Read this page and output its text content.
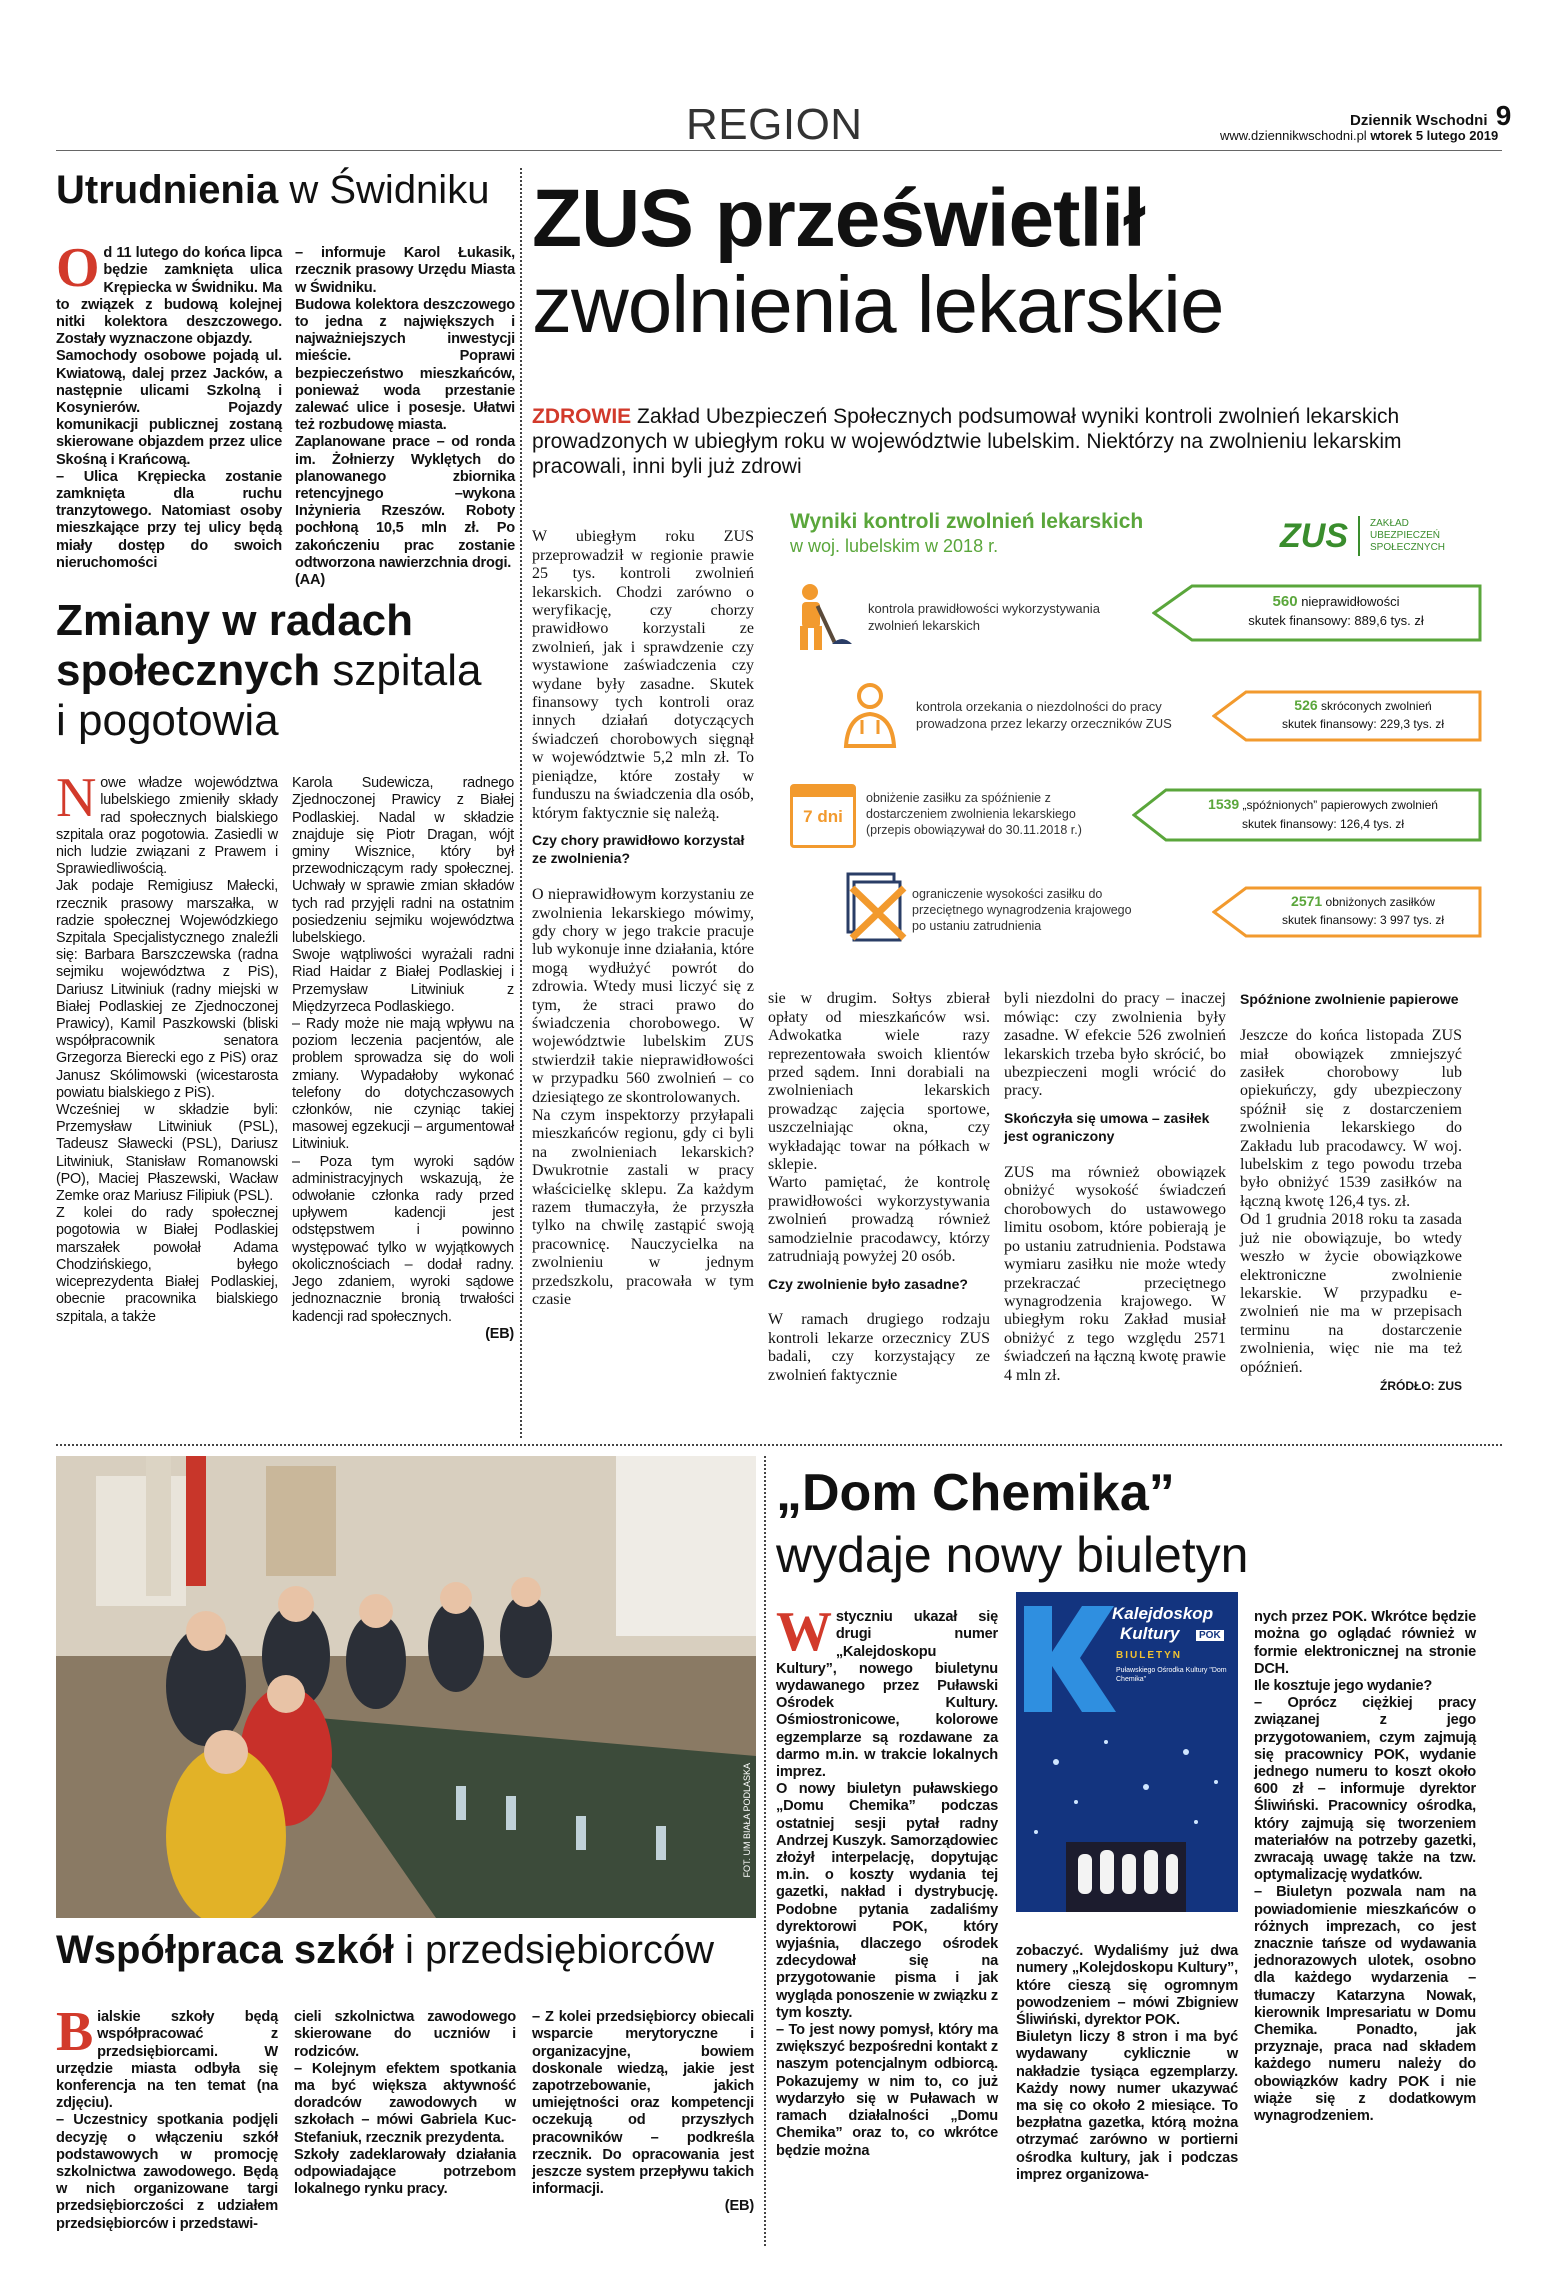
REGION	Dziennik Wschodni 9
www.dziennikwschodni.pl wtorek 5 lutego 2019
Utrudnienia w Świdniku

Od 11 lutego do końca lipca będzie zamknięta ulica Krępiecka w Świdniku. Ma to związek z budową kolejnej nitki kolektora deszczowego. Zostały wyznaczone objazdy.
Samochody osobowe pojadą ul. Kwiatową, dalej przez Jacków, a następnie ulicami Szkolną i Kosynierów. Pojazdy komunikacji publicznej zostaną skierowane objazdem przez ulice Skośną i Krańcową.
– Ulica Krępiecka zostanie zamknięta dla ruchu tranzytowego. Natomiast osoby mieszkające przy tej ulicy będą miały dostęp do swoich nieruchomości

– informuje Karol Łukasik, rzecznik prasowy Urzędu Miasta w Świdniku.
Budowa kolektora deszczowego to jedna z największych i najważniejszych inwestycji mieście. Poprawi bezpieczeństwo mieszkańców, ponieważ woda przestanie zalewać ulice i posesje. Ułatwi też rozbudowę miasta.
Zaplanowane prace – od ronda im. Żołnierzy Wyklętych do planowanego zbiornika retencyjnego –wykona Inżynieria Rzeszów. Roboty pochłoną 10,5 mln zł. Po zakończeniu prac zostanie odtworzona nawierzchnia drogi.
(AA)

Zmiany w radach
społecznych szpitala
i pogotowia

Nowe władze województwa lubelskiego zmieniły składy rad społecznych bialskiego szpitala oraz pogotowia. Zasiedli w nich ludzie związani z Prawem i Sprawiedliwością.
Jak podaje Remigiusz Małecki, rzecznik prasowy marszałka, w radzie społecznej Wojewódzkiego Szpitala Specjalistycznego znaleźli się: Barbara Barszczewska (radna sejmiku województwa z PiS), Dariusz Litwiniuk (radny miejski w Białej Podlaskiej ze Zjednoczonej Prawicy), Kamil Paszkowski (bliski współpracownik senatora Grzegorza Bierecki ego z PiS) oraz Janusz Skólimowski (wicestarosta powiatu bialskiego z PiS).
Wcześniej w składzie byli: Przemysław Litwiniuk (PSL), Tadeusz Sławecki (PSL), Dariusz Litwiniuk, Stanisław Romanowski (PO), Maciej Płaszewski, Wacław Zemke oraz Mariusz Filipiuk (PSL).
Z kolei do rady społecznej pogotowia w Białej Podlaskiej marszałek powołał Adama Chodzińskiego, byłego wiceprezydenta Białej Podlaskiej, obecnie pracownika bialskiego szpitala, a także

Karola Sudewicza, radnego Zjednoczonej Prawicy z Białej Podlaskiej. Nadal w składzie znajduje się Piotr Dragan, wójt gminy Wisznice, który był przewodniczącym rady społecznej. Uchwały w sprawie zmian składów tych rad przyjęli radni na ostatnim posiedzeniu sejmiku województwa lubelskiego.
Swoje wątpliwości wyrażali radni Riad Haidar z Białej Podlaskiej i Przemysław Litwiniuk z Międzyrzeca Podlaskiego.
– Rady może nie mają wpływu na poziom leczenia pacjentów, ale problem sprowadza się do woli zmiany. Wypadałoby wykonać telefony do dotychczasowych członków, nie czyniąc takiej masowej egzekucji – argumentował Litwiniuk.
– Poza tym wyroki sądów administracyjnych wskazują, że odwołanie członka rady przed upływem kadencji jest odstępstwem i powinno występować tylko w wyjątkowych okolicznościach – dodał radny. Jego zdaniem, wyroki sądowe jednoznacznie bronią trwałości kadencji rad społecznych.

(EB)

ZUS prześwietlił
zwolnienia lekarskie
ZDROWIE Zakład Ubezpieczeń Społecznych podsumował wyniki kontroli zwolnień lekarskich prowadzonych w ubiegłym roku w województwie lubelskim. Niektórzy na zwolnieniu lekarskim pracowali, inni byli już zdrowi

W ubiegłym roku ZUS przeprowadził w regionie prawie 25 tys. kontroli zwolnień lekarskich. Chodzi zarówno o weryfikację, czy chorzy prawidłowo korzystali ze zwolnień, jak i sprawdzenie czy wystawione zaświadczenia czy wydane były zasadne. Skutek finansowy tych kontroli oraz innych działań dotyczących świadczeń chorobowych sięgnął w województwie 5,2 mln zł. To pieniądze, które zostały w funduszu na świadczenia dla osób, którym faktycznie się należą.

Czy chory prawidłowo korzystał ze zwolnienia?

O nieprawidłowym korzystaniu ze zwolnienia lekarskiego mówimy, gdy chory w jego trakcie pracuje lub wykonuje inne działania, które mogą wydłużyć powrót do zdrowia. Wtedy musi liczyć się z tym, że straci prawo do świadczenia chorobowego. W województwie lubelskim ZUS stwierdził takie nieprawidłowości w przypadku 560 zwolnień – co dziesiątego ze skontrolowanych.
Na czym inspektorzy przyłapali mieszkańców regionu, gdy ci byli na zwolnieniach lekarskich? Dwukrotnie zastali w pracy właścicielkę sklepu. Za każdym razem tłumaczyła, że przyszła tylko na chwilę zastąpić swoją pracownicę. Nauczycielka na zwolnieniu w jednym przedszkolu, pracowała w tym czasie

Wyniki kontroli zwolnień lekarskich
w woj. lubelskim w 2018 r.	ZUS ZAKŁAD
UBEZPIECZEŃ
SPOŁECZNYCH
kontrola prawidłowości wykorzystywania zwolnień lekarskich
560 nieprawidłowości
skutek finansowy: 889,6 tys. zł
kontrola orzekania o niezdolności do pracy prowadzona przez lekarzy orzeczników ZUS
526 skróconych zwolnień
skutek finansowy: 229,3 tys. zł
7 dni
obniżenie zasiłku za spóźnienie z dostarczeniem zwolnienia lekarskiego (przepis obowiązywał do 30.11.2018 r.)
1539 „spóźnionych” papierowych zwolnień
skutek finansowy: 126,4 tys. zł
ograniczenie wysokości zasiłku do przeciętnego wynagrodzenia krajowego po ustaniu zatrudnienia
2571 obniżonych zasiłków
skutek finansowy: 3 997 tys. zł

sie w drugim. Sołtys zbierał opłaty od mieszkańców wsi. Adwokatka wiele razy reprezentowała swoich klientów przed sądem. Inni dorabiali na zwolnieniach lekarskich prowadząc zajęcia sportowe, uszczelniając okna, czy wykładając towar na półkach w sklepie.
Warto pamiętać, że kontrolę prawidłowości wykorzystywania zwolnień prowadzą również samodzielnie pracodawcy, którzy zatrudniają powyżej 20 osób.

Czy zwolnienie było zasadne?

W ramach drugiego rodzaju kontroli lekarze orzecznicy ZUS badali, czy korzystający ze zwolnień faktycznie

byli niezdolni do pracy – inaczej mówiąc: czy zwolnienia były zasadne. W efekcie 526 zwolnień lekarskich trzeba było skrócić, bo ubezpieczeni mogli wrócić do pracy.

Skończyła się umowa – zasiłek jest ograniczony

ZUS ma również obowiązek obniżyć wysokość świadczeń chorobowych do ustawowego limitu osobom, które pobierają je po ustaniu zatrudnienia. Podstawa wymiaru zasiłku nie może wtedy przekraczać przeciętnego wynagrodzenia krajowego. W ubiegłym roku Zakład musiał obniżyć z tego względu 2571 świadczeń na łączną kwotę prawie 4 mln zł.

Spóźnione zwolnienie papierowe

Jeszcze do końca listopada ZUS miał obowiązek zmniejszyć zasiłek chorobowy lub opiekuńczy, gdy ubezpieczony spóźnił się z dostarczeniem zwolnienia lekarskiego do Zakładu lub pracodawcy. W woj. lubelskim z tego powodu trzeba było obniżyć 1539 zasiłków na łączną kwotę 126,4 tys. zł.
Od 1 grudnia 2018 roku ta zasada już nie obowiązuje, bo wtedy weszło w życie obowiązkowe elektroniczne zwolnienie lekarskie. W przypadku e-zwolnień nie ma w przepisach terminu na dostarczenie zwolnienia, więc nie ma też opóźnień.

ŹRÓDŁO: ZUS

FOT. UM BIAŁA PODLASKA
Współpraca szkół i przedsiębiorców

Bialskie szkoły będą współpracować z przedsiębiorcami. W urzędzie miasta odbyła się konferencja na ten temat (na zdjęciu).
– Uczestnicy spotkania podjęli decyzję o włączeniu szkół podstawowych w promocję szkolnictwa zawodowego. Będą w nich organizowane targi przedsiębiorczości z udziałem przedsiębiorców i przedstawi-

cieli szkolnictwa zawodowego skierowane do uczniów i rodziców.
– Kolejnym efektem spotkania ma być większa aktywność doradców zawodowych w szkołach – mówi Gabriela Kuc-Stefaniuk, rzecznik prezydenta.
Szkoły zadeklarowały działania odpowiadające potrzebom lokalnego rynku pracy.

– Z kolei przedsiębiorcy obiecali wsparcie merytoryczne i organizacyjne, bowiem doskonale wiedzą, jakie jest zapotrzebowanie, jakich umiejętności oraz kompetencji oczekują od przyszłych pracowników – podkreśla rzecznik. Do opracowania jest jeszcze system przepływu takich informacji.

(EB)

„Dom Chemika”
wydaje nowy biuletyn

Wstyczniu ukazał się drugi numer „Kalejdoskopu Kultury”, nowego biuletynu wydawanego przez Puławski Ośrodek Kultury. Ośmiostronicowe, kolorowe egzemplarze są rozdawane za darmo m.in. w trakcie lokalnych imprez.
O nowy biuletyn puławskiego „Domu Chemika” podczas ostatniej sesji pytał radny Andrzej Kuszyk. Samorządowiec złożył interpelację, dopytując m.in. o koszty wydania tej gazetki, nakład i dystrybucję. Podobne pytania zadaliśmy dyrektorowi POK, który wyjaśnia, dlaczego ośrodek zdecydował się na przygotowanie pisma i jak wygląda ponoszenie w związku z tym koszty.
– To jest nowy pomysł, który ma zwiększyć bezpośredni kontakt z naszym potencjalnym odbiorcą. Pokazujemy w nim to, co już wydarzyło się w Puławach w ramach działalności „Domu Chemika” oraz to, co wkrótce będzie można

Kalejdoskop
Kultury	POK
BIULETYN
Puławskiego Ośrodka Kultury "Dom Chemika"

zobaczyć. Wydaliśmy już dwa numery „Kolejdoskopu Kultury”, które cieszą się ogromnym powodzeniem – mówi Zbigniew Śliwiński, dyrektor POK.
Biuletyn liczy 8 stron i ma być wydawany cyklicznie w nakładzie tysiąca egzemplarzy. Każdy nowy numer ukazywać ma się co około 2 miesiące. To bezpłatna gazetka, którą można otrzymać zarówno w portierni ośrodka kultury, jak i podczas imprez organizowa-

nych przez POK. Wkrótce będzie można go oglądać również w formie elektronicznej na stronie DCH.
Ile kosztuje jego wydanie?
– Oprócz ciężkiej pracy związanej z jego przygotowaniem, czym zajmują się pracownicy POK, wydanie jednego numeru to koszt około 600 zł – informuje dyrektor Śliwiński. Pracownicy ośrodka, który zajmują się tworzeniem materiałów na potrzeby gazetki, zwracają uwagę także na tzw. optymalizację wydatków.
– Biuletyn pozwala nam na powiadomienie mieszkańców o różnych imprezach, co jest znacznie tańsze od wydawania jednorazowych ulotek, osobno dla każdego wydarzenia – tłumaczy Katarzyna Nowak, kierownik Impresariatu w Domu Chemika. Ponadto, jak przyznaje, praca nad składem każdego numeru należy do obowiązków kadry POK i nie wiąże się z dodatkowym wynagrodzeniem.
